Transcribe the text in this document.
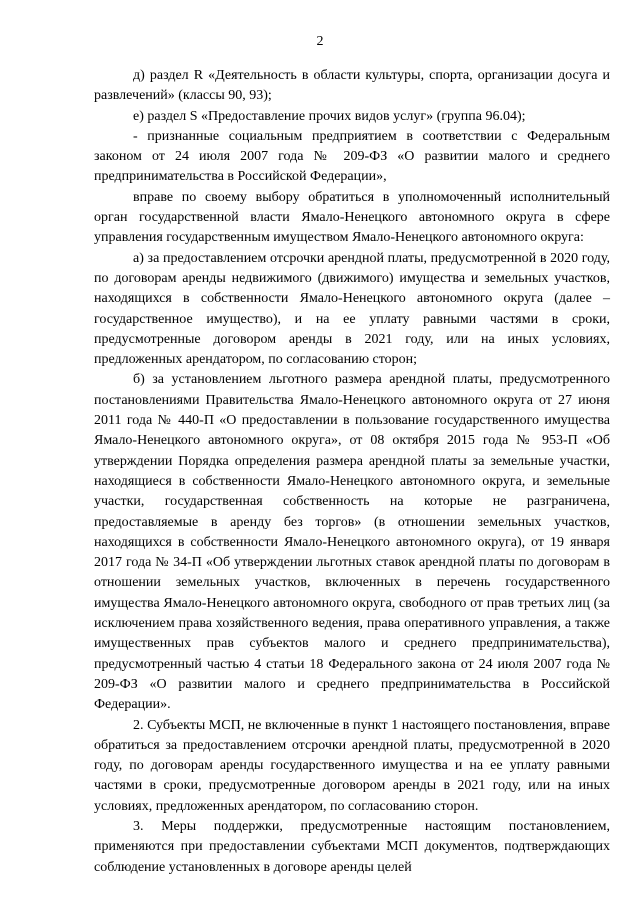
2

д) раздел R «Деятельность в области культуры, спорта, организации досуга и развлечений» (классы 90, 93);

е) раздел S «Предоставление прочих видов услуг» (группа 96.04);

- признанные социальным предприятием в соответствии с Федеральным законом от 24 июля 2007 года № 209-ФЗ «О развитии малого и среднего предпринимательства в Российской Федерации»,

вправе по своему выбору обратиться в уполномоченный исполнительный орган государственной власти Ямало-Ненецкого автономного округа в сфере управления государственным имуществом Ямало-Ненецкого автономного округа:

а) за предоставлением отсрочки арендной платы, предусмотренной в 2020 году, по договорам аренды недвижимого (движимого) имущества и земельных участков, находящихся в собственности Ямало-Ненецкого автономного округа (далее – государственное имущество), и на ее уплату равными частями в сроки, предусмотренные договором аренды в 2021 году, или на иных условиях, предложенных арендатором, по согласованию сторон;

б) за установлением льготного размера арендной платы, предусмотренного постановлениями Правительства Ямало-Ненецкого автономного округа от 27 июня 2011 года № 440-П «О предоставлении в пользование государственного имущества Ямало-Ненецкого автономного округа», от 08 октября 2015 года № 953-П «Об утверждении Порядка определения размера арендной платы за земельные участки, находящиеся в собственности Ямало-Ненецкого автономного округа, и земельные участки, государственная собственность на которые не разграничена, предоставляемые в аренду без торгов» (в отношении земельных участков, находящихся в собственности Ямало-Ненецкого автономного округа), от 19 января 2017 года № 34-П «Об утверждении льготных ставок арендной платы по договорам в отношении земельных участков, включенных в перечень государственного имущества Ямало-Ненецкого автономного округа, свободного от прав третьих лиц (за исключением права хозяйственного ведения, права оперативного управления, а также имущественных прав субъектов малого и среднего предпринимательства), предусмотренный частью 4 статьи 18 Федерального закона от 24 июля 2007 года № 209-ФЗ «О развитии малого и среднего предпринимательства в Российской Федерации».

2. Субъекты МСП, не включенные в пункт 1 настоящего постановления, вправе обратиться за предоставлением отсрочки арендной платы, предусмотренной в 2020 году, по договорам аренды государственного имущества и на ее уплату равными частями в сроки, предусмотренные договором аренды в 2021 году, или на иных условиях, предложенных арендатором, по согласованию сторон.

3. Меры поддержки, предусмотренные настоящим постановлением, применяются при предоставлении субъектами МСП документов, подтверждающих соблюдение установленных в договоре аренды целей
